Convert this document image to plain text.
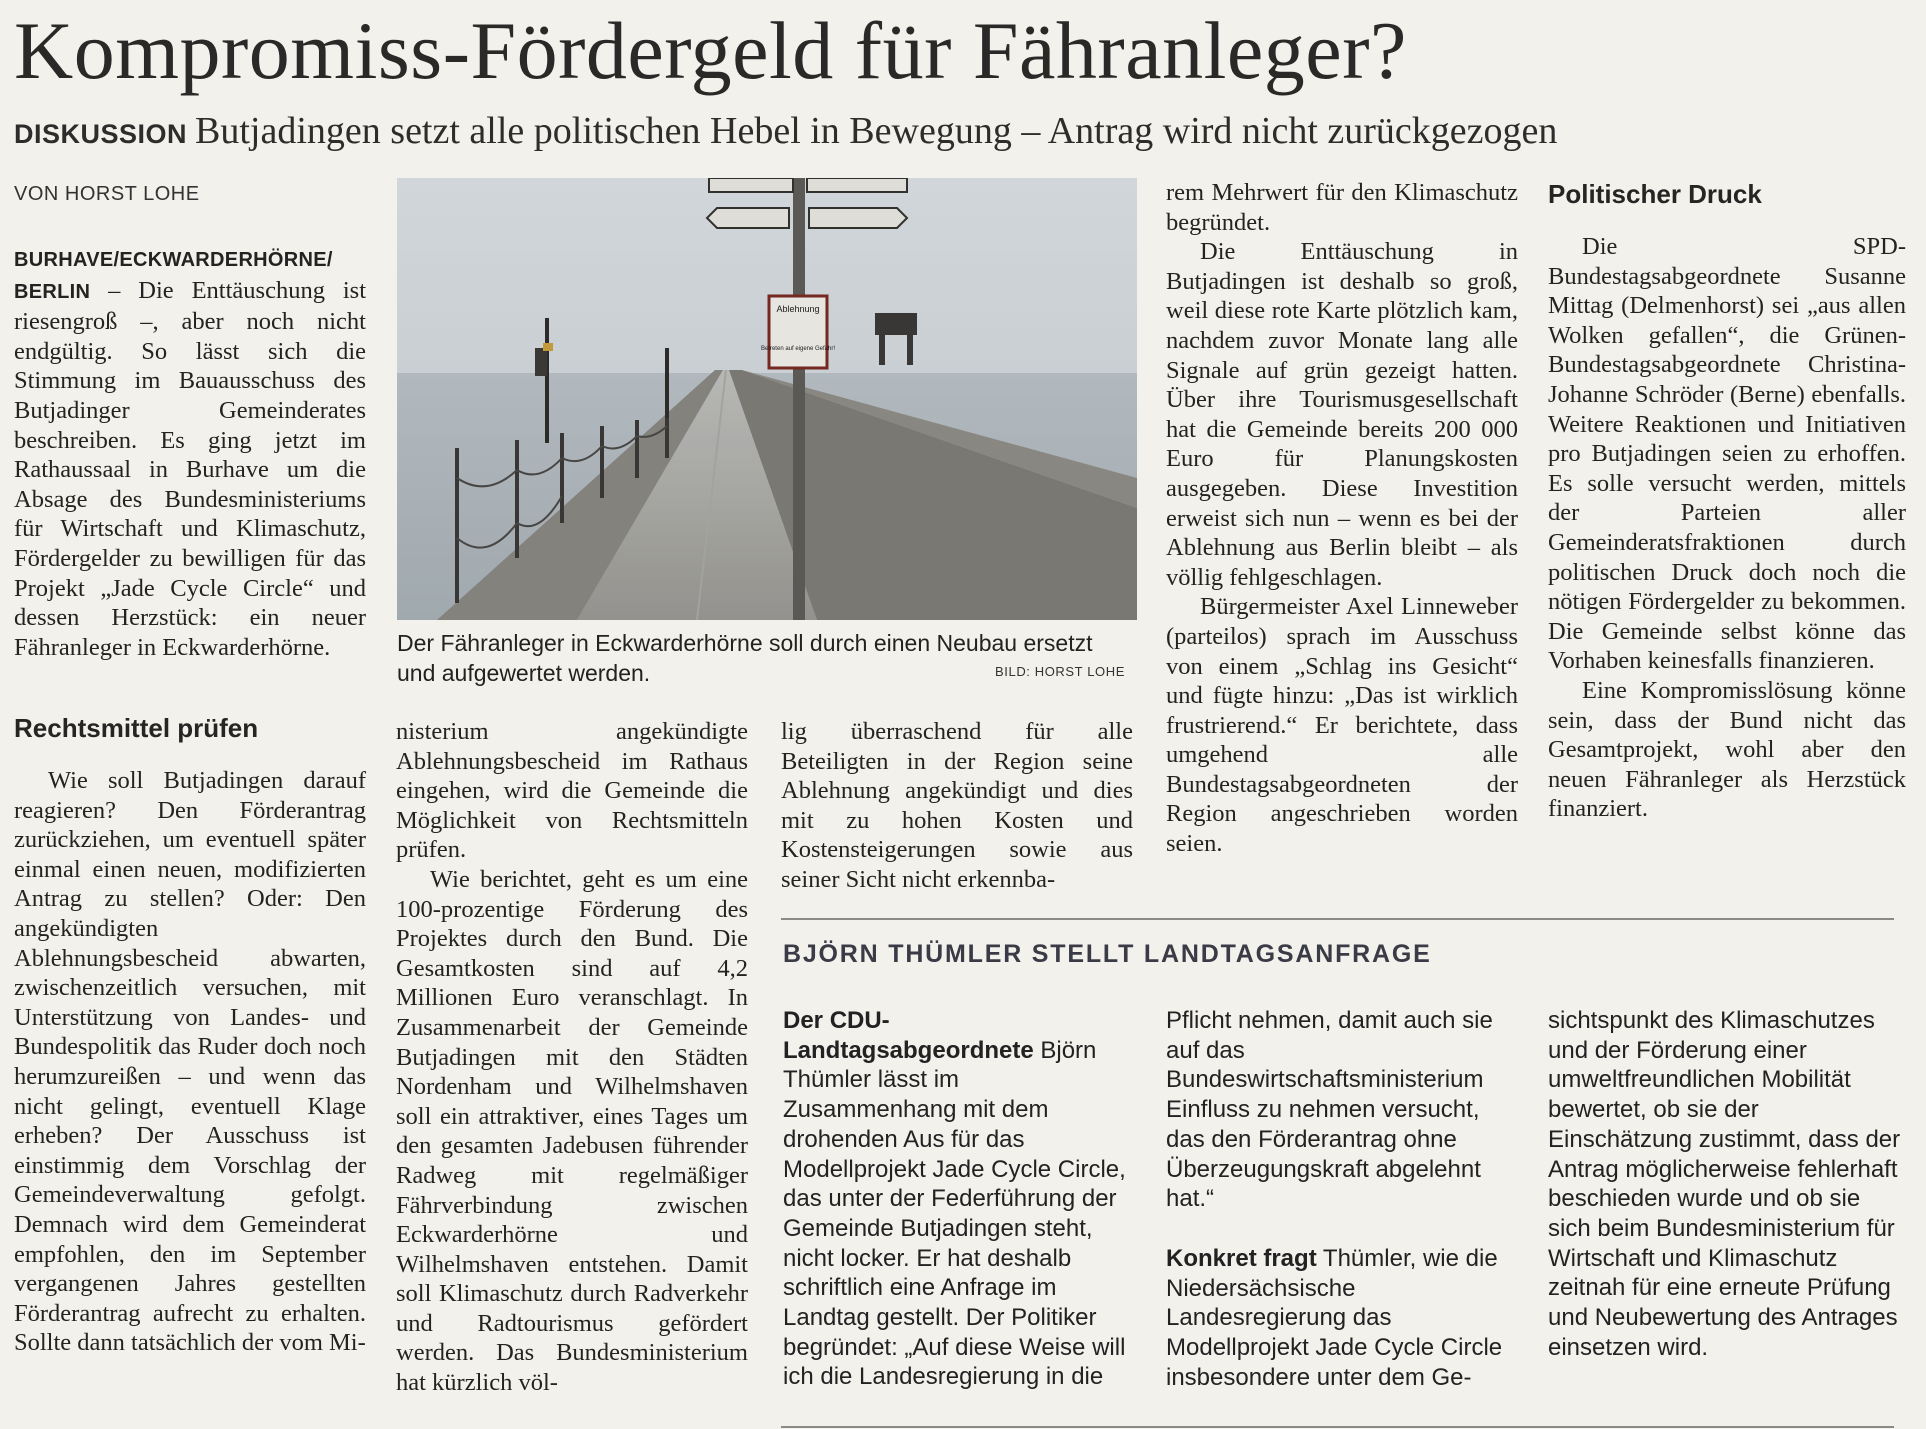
Kompromiss-Fördergeld für Fähranleger?
DISKUSSION Butjadingen setzt alle politischen Hebel in Bewegung – Antrag wird nicht zurückgezogen
VON HORST LOHE

BURHAVE/ECKWARDERHÖRNE/ BERLIN – Die Enttäuschung ist riesengroß –, aber noch nicht endgültig. So lässt sich die Stimmung im Bauausschuss des Butjadinger Gemeinderates beschreiben. Es ging jetzt im Rathaussaal in Burhave um die Absage des Bundesministeriums für Wirtschaft und Klimaschutz, Fördergelder zu bewilligen für das Projekt „Jade Cycle Circle“ und dessen Herzstück: ein neuer Fähranleger in Eckwarderhörne.

Rechtsmittel prüfen

Wie soll Butjadingen darauf reagieren? Den Förderantrag zurückziehen, um eventuell später einmal einen neuen, modifizierten Antrag zu stellen? Oder: Den angekündigten Ablehnungsbescheid abwarten, zwischenzeitlich versuchen, mit Unterstützung von Landes- und Bundespolitik das Ruder doch noch herumzureißen – und wenn das nicht gelingt, eventuell Klage erheben? Der Ausschuss ist einstimmig dem Vorschlag der Gemeindeverwaltung gefolgt. Demnach wird dem Gemeinderat empfohlen, den im September vergangenen Jahres gestellten Förderantrag aufrecht zu erhalten. Sollte dann tatsächlich der vom Mi-

Ablehnung
Betreten auf eigene Gefahr!
Der Fähranleger in Eckwarderhörne soll durch einen Neubau ersetzt und aufgewertet werden.	BILD: HORST LOHE

nisterium angekündigte Ablehnungsbescheid im Rathaus eingehen, wird die Gemeinde die Möglichkeit von Rechtsmitteln prüfen.

Wie berichtet, geht es um eine 100-prozentige Förderung des Projektes durch den Bund. Die Gesamtkosten sind auf 4,2 Millionen Euro veranschlagt. In Zusammenarbeit der Gemeinde Butjadingen mit den Städten Nordenham und Wilhelmshaven soll ein attraktiver, eines Tages um den gesamten Jadebusen führender Radweg mit regelmäßiger Fährverbindung zwischen Eckwarderhörne und Wilhelmshaven entstehen. Damit soll Klimaschutz durch Radverkehr und Radtourismus gefördert werden. Das Bundesministerium hat kürzlich völ-

lig überraschend für alle Beteiligten in der Region seine Ablehnung angekündigt und dies mit zu hohen Kosten und Kostensteigerungen sowie aus seiner Sicht nicht erkennba-

rem Mehrwert für den Klimaschutz begründet.

Die Enttäuschung in Butjadingen ist deshalb so groß, weil diese rote Karte plötzlich kam, nachdem zuvor Monate lang alle Signale auf grün gezeigt hatten. Über ihre Tourismusgesellschaft hat die Gemeinde bereits 200 000 Euro für Planungskosten ausgegeben. Diese Investition erweist sich nun – wenn es bei der Ablehnung aus Berlin bleibt – als völlig fehlgeschlagen.

Bürgermeister Axel Linneweber (parteilos) sprach im Ausschuss von einem „Schlag ins Gesicht“ und fügte hinzu: „Das ist wirklich frustrierend.“ Er berichtete, dass umgehend alle Bundestagsabgeordneten der Region angeschrieben worden seien.

Politischer Druck

Die SPD-Bundestagsabgeordnete Susanne Mittag (Delmenhorst) sei „aus allen Wolken gefallen“, die Grünen-Bundestagsabgeordnete Christina-Johanne Schröder (Berne) ebenfalls. Weitere Reaktionen und Initiativen pro Butjadingen seien zu erhoffen. Es solle versucht werden, mittels der Parteien aller Gemeinderatsfraktionen durch politischen Druck doch noch die nötigen Fördergelder zu bekommen. Die Gemeinde selbst könne das Vorhaben keinesfalls finanzieren.

Eine Kompromisslösung könne sein, dass der Bund nicht das Gesamtprojekt, wohl aber den neuen Fähranleger als Herzstück finanziert.

BJÖRN THÜMLER STELLT LANDTAGSANFRAGE

Der CDU-Landtagsabgeordnete Björn Thümler lässt im Zusammenhang mit dem drohenden Aus für das Modellprojekt Jade Cycle Circle, das unter der Federführung der Gemeinde Butjadingen steht, nicht locker. Er hat deshalb schriftlich eine Anfrage im Landtag gestellt. Der Politiker begründet: „Auf diese Weise will ich die Landesregierung in die

Pflicht nehmen, damit auch sie auf das Bundeswirtschaftsministerium Einfluss zu nehmen versucht, das den Förderantrag ohne Überzeugungskraft abgelehnt hat.“

Konkret fragt Thümler, wie die Niedersächsische Landesregierung das Modellprojekt Jade Cycle Circle insbesondere unter dem Ge-

sichtspunkt des Klimaschutzes und der Förderung einer umweltfreundlichen Mobilität bewertet, ob sie der Einschätzung zustimmt, dass der Antrag möglicherweise fehlerhaft beschieden wurde und ob sie sich beim Bundesministerium für Wirtschaft und Klimaschutz zeitnah für eine erneute Prüfung und Neubewertung des Antrages einsetzen wird.
